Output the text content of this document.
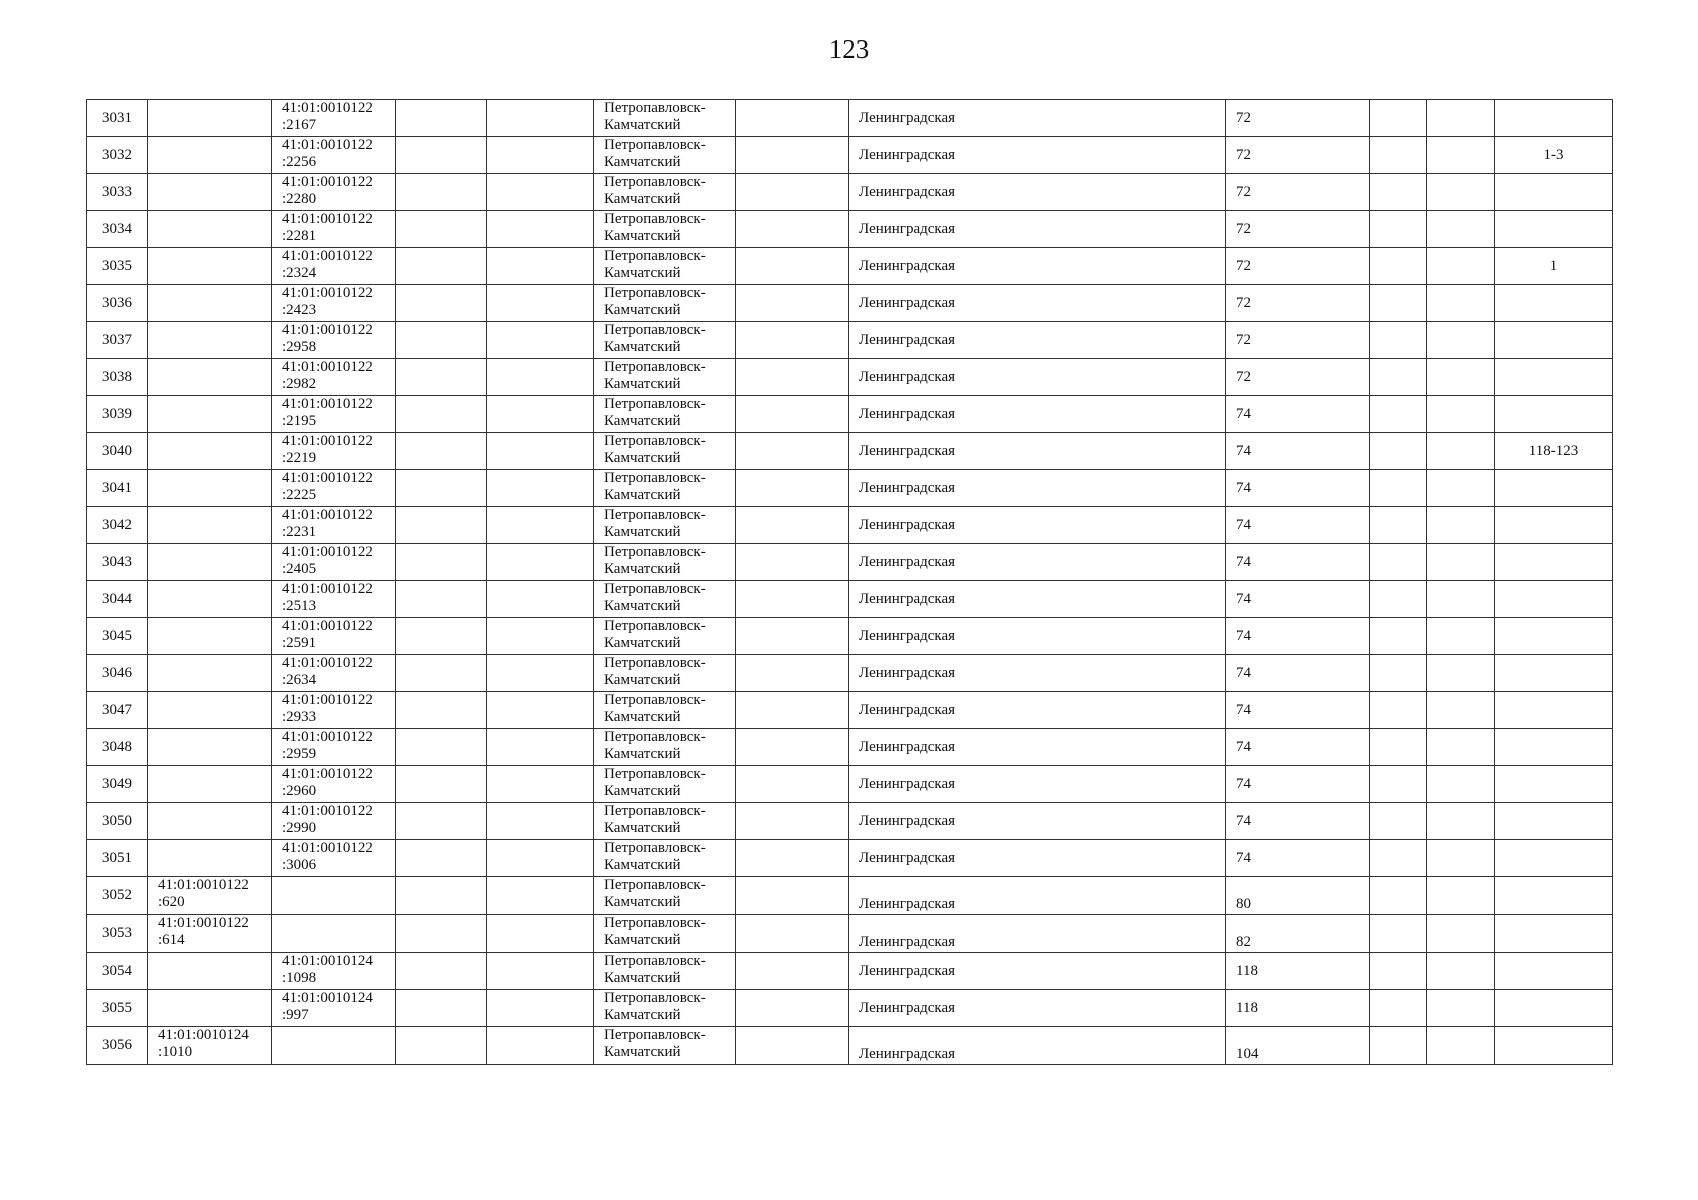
123
3031		41:01:0010122
:2167			Петропавловск-
Камчатский		Ленинградская	72			
3032		41:01:0010122
:2256			Петропавловск-
Камчатский		Ленинградская	72			1-3
3033		41:01:0010122
:2280			Петропавловск-
Камчатский		Ленинградская	72			
3034		41:01:0010122
:2281			Петропавловск-
Камчатский		Ленинградская	72			
3035		41:01:0010122
:2324			Петропавловск-
Камчатский		Ленинградская	72			1
3036		41:01:0010122
:2423			Петропавловск-
Камчатский		Ленинградская	72			
3037		41:01:0010122
:2958			Петропавловск-
Камчатский		Ленинградская	72			
3038		41:01:0010122
:2982			Петропавловск-
Камчатский		Ленинградская	72			
3039		41:01:0010122
:2195			Петропавловск-
Камчатский		Ленинградская	74			
3040		41:01:0010122
:2219			Петропавловск-
Камчатский		Ленинградская	74			118-123
3041		41:01:0010122
:2225			Петропавловск-
Камчатский		Ленинградская	74			
3042		41:01:0010122
:2231			Петропавловск-
Камчатский		Ленинградская	74			
3043		41:01:0010122
:2405			Петропавловск-
Камчатский		Ленинградская	74			
3044		41:01:0010122
:2513			Петропавловск-
Камчатский		Ленинградская	74			
3045		41:01:0010122
:2591			Петропавловск-
Камчатский		Ленинградская	74			
3046		41:01:0010122
:2634			Петропавловск-
Камчатский		Ленинградская	74			
3047		41:01:0010122
:2933			Петропавловск-
Камчатский		Ленинградская	74			
3048		41:01:0010122
:2959			Петропавловск-
Камчатский		Ленинградская	74			
3049		41:01:0010122
:2960			Петропавловск-
Камчатский		Ленинградская	74			
3050		41:01:0010122
:2990			Петропавловск-
Камчатский		Ленинградская	74			
3051		41:01:0010122
:3006			Петропавловск-
Камчатский		Ленинградская	74			
3052	41:01:0010122
:620				Петропавловск-
Камчатский		Ленинградская	80			
3053	41:01:0010122
:614				Петропавловск-
Камчатский		Ленинградская	82			
3054		41:01:0010124
:1098			Петропавловск-
Камчатский		Ленинградская	118			
3055		41:01:0010124
:997			Петропавловск-
Камчатский		Ленинградская	118			
3056	41:01:0010124
:1010				Петропавловск-
Камчатский		Ленинградская	104			
